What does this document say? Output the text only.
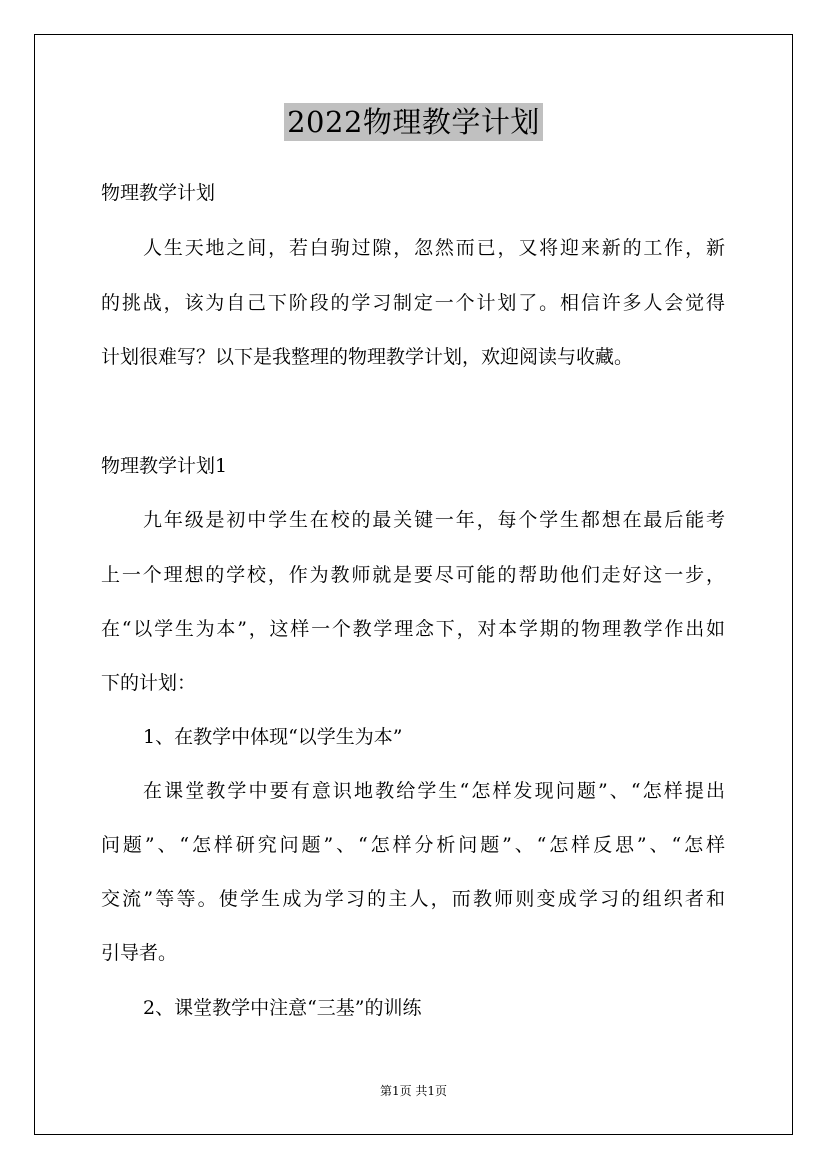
2022物理教学计划
物理教学计划
人生天地之间，若白驹过隙，忽然而已，又将迎来新的工作，新
的挑战，该为自己下阶段的学习制定一个计划了。相信许多人会觉得
计划很难写？以下是我整理的物理教学计划，欢迎阅读与收藏。
物理教学计划1
九年级是初中学生在校的最关键一年，每个学生都想在最后能考
上一个理想的学校，作为教师就是要尽可能的帮助他们走好这一步，
在“以学生为本”，这样一个教学理念下，对本学期的物理教学作出如
下的计划：
1、在教学中体现“以学生为本”
在课堂教学中要有意识地教给学生“怎样发现问题”、“怎样提出
问题”、“怎样研究问题”、“怎样分析问题”、“怎样反思”、“怎样
交流”等等。使学生成为学习的主人，而教师则变成学习的组织者和
引导者。
2、课堂教学中注意“三基”的训练
第1页 共1页
